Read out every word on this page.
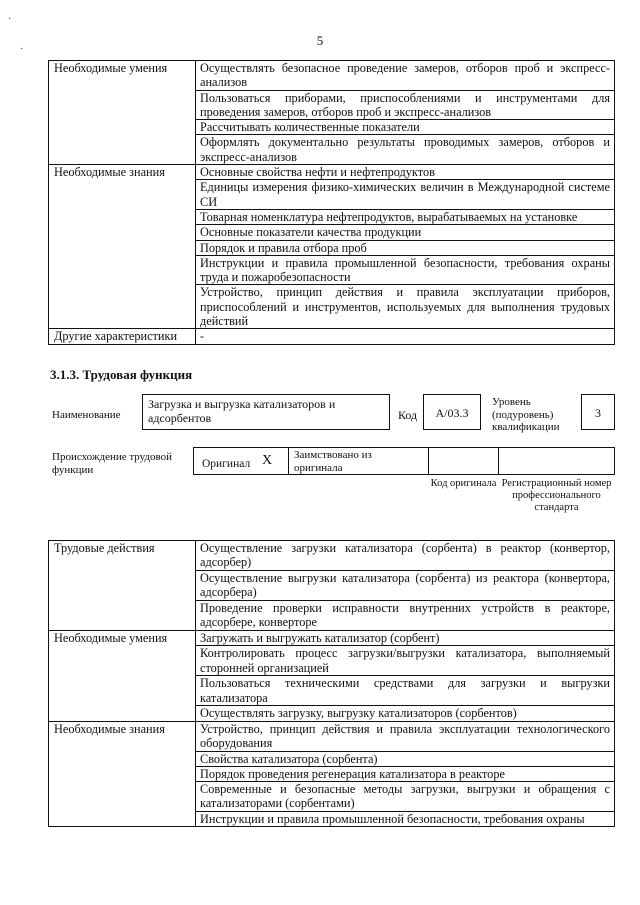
·
·
5
Необходимые умения	Осуществлять безопасное проведение замеров, отборов проб и экспресс-анализов
	Пользоваться приборами, приспособлениями и инструментами для проведения замеров, отборов проб и экспресс-анализов
	Рассчитывать количественные показатели
	Оформлять документально результаты проводимых замеров, отборов и экспресс-анализов
Необходимые знания	Основные свойства нефти и нефтепродуктов
	Единицы измерения физико-химических величин в Международной системе СИ
	Товарная номенклатура нефтепродуктов, вырабатываемых на установке
	Основные показатели качества продукции
	Порядок и правила отбора проб
	Инструкции и правила промышленной безопасности, требования охраны труда и пожаробезопасности
	Устройство, принцип действия и правила эксплуатации приборов, приспособлений и инструментов, используемых для выполнения трудовых действий
Другие характеристики	-
3.1.3. Трудовая функция
Наименование
Загрузка и выгрузка катализаторов и адсорбентов	Код	A/03.3
Уровень (подуровень) квалификации
3
Происхождение трудовой функции	Оригинал X	Заимствовано из оригинала
Код оригинала Регистрационный номер профессионального стандарта
Трудовые действия	Осуществление загрузки катализатора (сорбента) в реактор (конвертор, адсорбер)
	Осуществление выгрузки катализатора (сорбента) из реактора (конвертора, адсорбера)
	Проведение проверки исправности внутренних устройств в реакторе, адсорбере, конверторе
Необходимые умения	Загружать и выгружать катализатор (сорбент)
	Контролировать процесс загрузки/выгрузки катализатора, выполняемый сторонней организацией
	Пользоваться техническими средствами для загрузки и выгрузки катализатора
	Осуществлять загрузку, выгрузку катализаторов (сорбентов)
Необходимые знания	Устройство, принцип действия и правила эксплуатации технологического оборудования
	Свойства катализатора (сорбента)
	Порядок проведения регенерация катализатора в реакторе
	Современные и безопасные методы загрузки, выгрузки и обращения с катализаторами (сорбентами)
	Инструкции и правила промышленной безопасности, требования охраны
